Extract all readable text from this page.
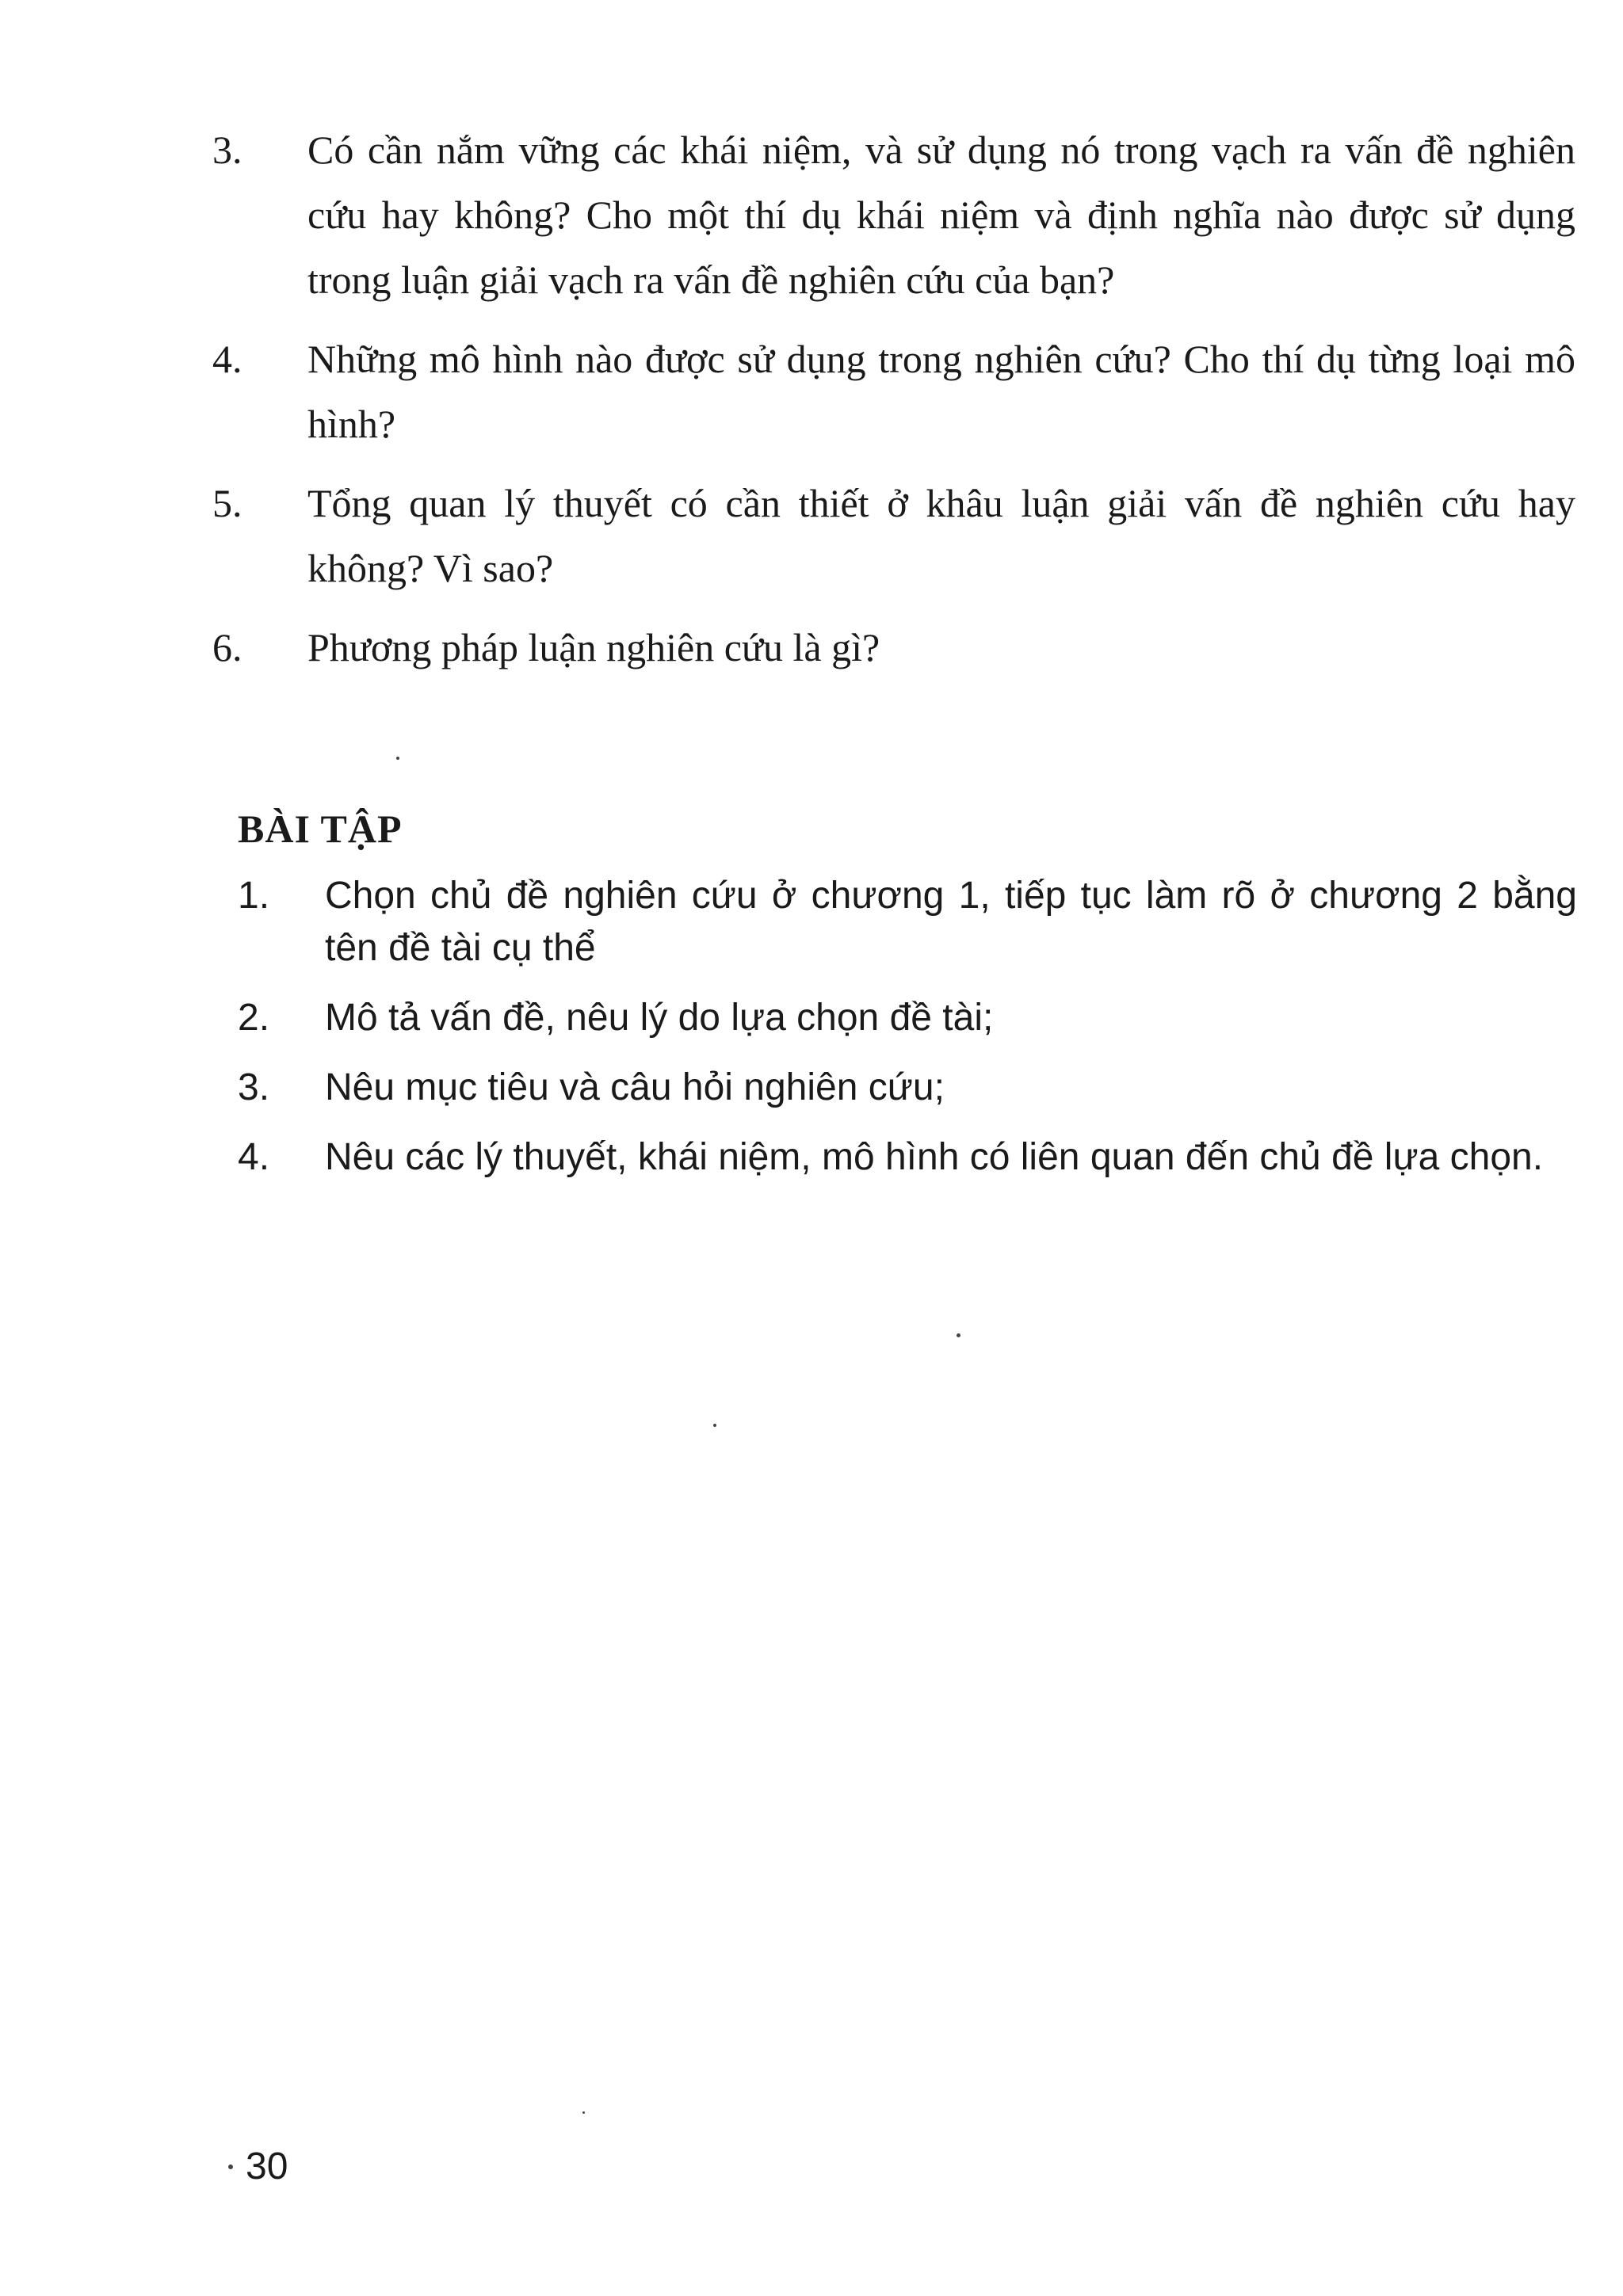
3.	Có cần nắm vững các khái niệm, và sử dụng nó trong vạch ra vấn đề nghiên cứu hay không? Cho một thí dụ khái niệm và định nghĩa nào được sử dụng trong luận giải vạch ra vấn đề nghiên cứu của bạn?
4.	Những mô hình nào được sử dụng trong nghiên cứu? Cho thí dụ từng loại mô hình?
5.	Tổng quan lý thuyết có cần thiết ở khâu luận giải vấn đề nghiên cứu hay không? Vì sao?
6.	Phương pháp luận nghiên cứu là gì?
BÀI TẬP
1.	Chọn chủ đề nghiên cứu ở chương 1, tiếp tục làm rõ ở chương 2 bằng tên đề tài cụ thể
2.	Mô tả vấn đề, nêu lý do lựa chọn đề tài;
3.	Nêu mục tiêu và câu hỏi nghiên cứu;
4.	Nêu các lý thuyết, khái niệm, mô hình có liên quan đến chủ đề lựa chọn.
30
